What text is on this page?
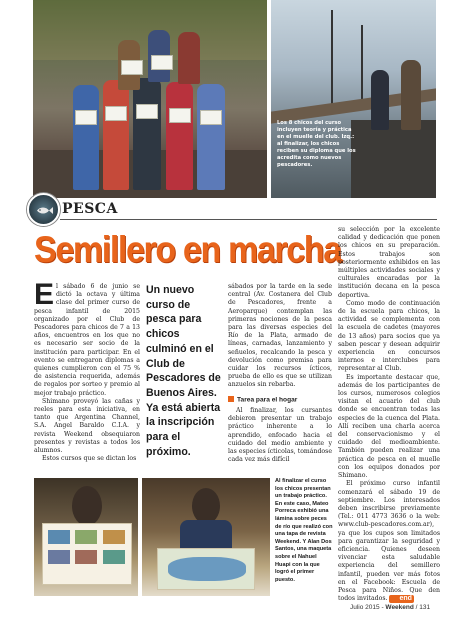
Los 8 chicos del curso incluyen teoría y práctica en el muelle del club. Izq.: al finalizar, los chicos reciben su diploma que los acredita como nuevos pescadores.
PESCA
Semillero en marcha

El sábado 6 de junio se dictó la octava y última clase del primer curso de pesca infantil de 2015 organizado por el Club de Pescadores para chicos de 7 a 13 años, encuentros en los que no es necesario ser socio de la institución para participar. En el evento se entregaron diplomas a quienes cumplieron con el 75 % de asistencia requerida, además de regalos por sorteo y premio al mejor trabajo práctico.

Shimano proveyó las cañas y reeles para esta iniciativa, en tanto que Argentina Channel, S.A. Angel Baraldo C.I.A. y revista Weekend obsequiaron presentes y revistas a todos los alumnos.

Estos cursos que se dictan los

Un nuevo curso de pesca para chicos culminó en el Club de Pescadores de Buenos Aires. Ya está abierta la inscripción para el próximo.

sábados por la tarde en la sede central (Av. Costanera del Club de Pescadores, frente a Aeroparque) contemplan las primeras nociones de la pesca para las diversas especies del Río de la Plata, armado de líneas, carnadas, lanzamiento y señuelos, recalcando la pesca y devolución como premisa para cuidar los recursos ícticos, prueba de ello es que se utilizan anzuelos sin rebarba.

Tarea para el hogar

Al finalizar, los cursantes debieron presentar un trabajo práctico inherente a lo aprendido, enfocado hacia el cuidado del medio ambiente y las especies ícticolas, tomándose cada vez más difícil

su selección por la excelente calidad y dedicación que ponen los chicos en su preparación. Estos trabajos son posteriormente exhibidos en las múltiples actividades sociales y culturales encaradas por la institución decana en la pesca deportiva.

Como modo de continuación de la escuela para chicos, la actividad se complementa con la escuela de cadetes (mayores de 13 años) para socios que ya saben pescar y desean adquirir experiencia en concursos internos e interclubes para representar al Club.

Es importante destacar que, además de los participantes de los cursos, numerosos colegios visitan el acuario del club donde se encuentran todas las especies de la cuenca del Plata. Allí reciben una charla acerca del conservacionismo y el cuidado del medioambiente. También pueden realizar una práctica de pesca en el muelle con los equipos donados por Shimano.

El próximo curso infantil comenzará el sábado 19 de septiembre. Los interesados deben inscribirse previamente (Tel.: 011 4773 3636 o la web: www.club-pescadores.com.ar), ya que los cupos son limitados para garantizar la seguridad y eficiencia. Quienes deseen vivenciar esta saludable experiencia del semillero infantil, pueden ver más fotos en el Facebook: Escuela de Pesca para Niños. Que den todos invitados. end

Al finalizar el curso los chicos presentan un trabajo práctico. En este caso, Mateo Porreca exhibió una lámina sobre peces de río que realizó con una tapa de revista Weekend. Y Alan Dos Santos, una maqueta sobre el Nahuel Huapi con la que logró el primer puesto.
Julio 2015 - Weekend / 131
